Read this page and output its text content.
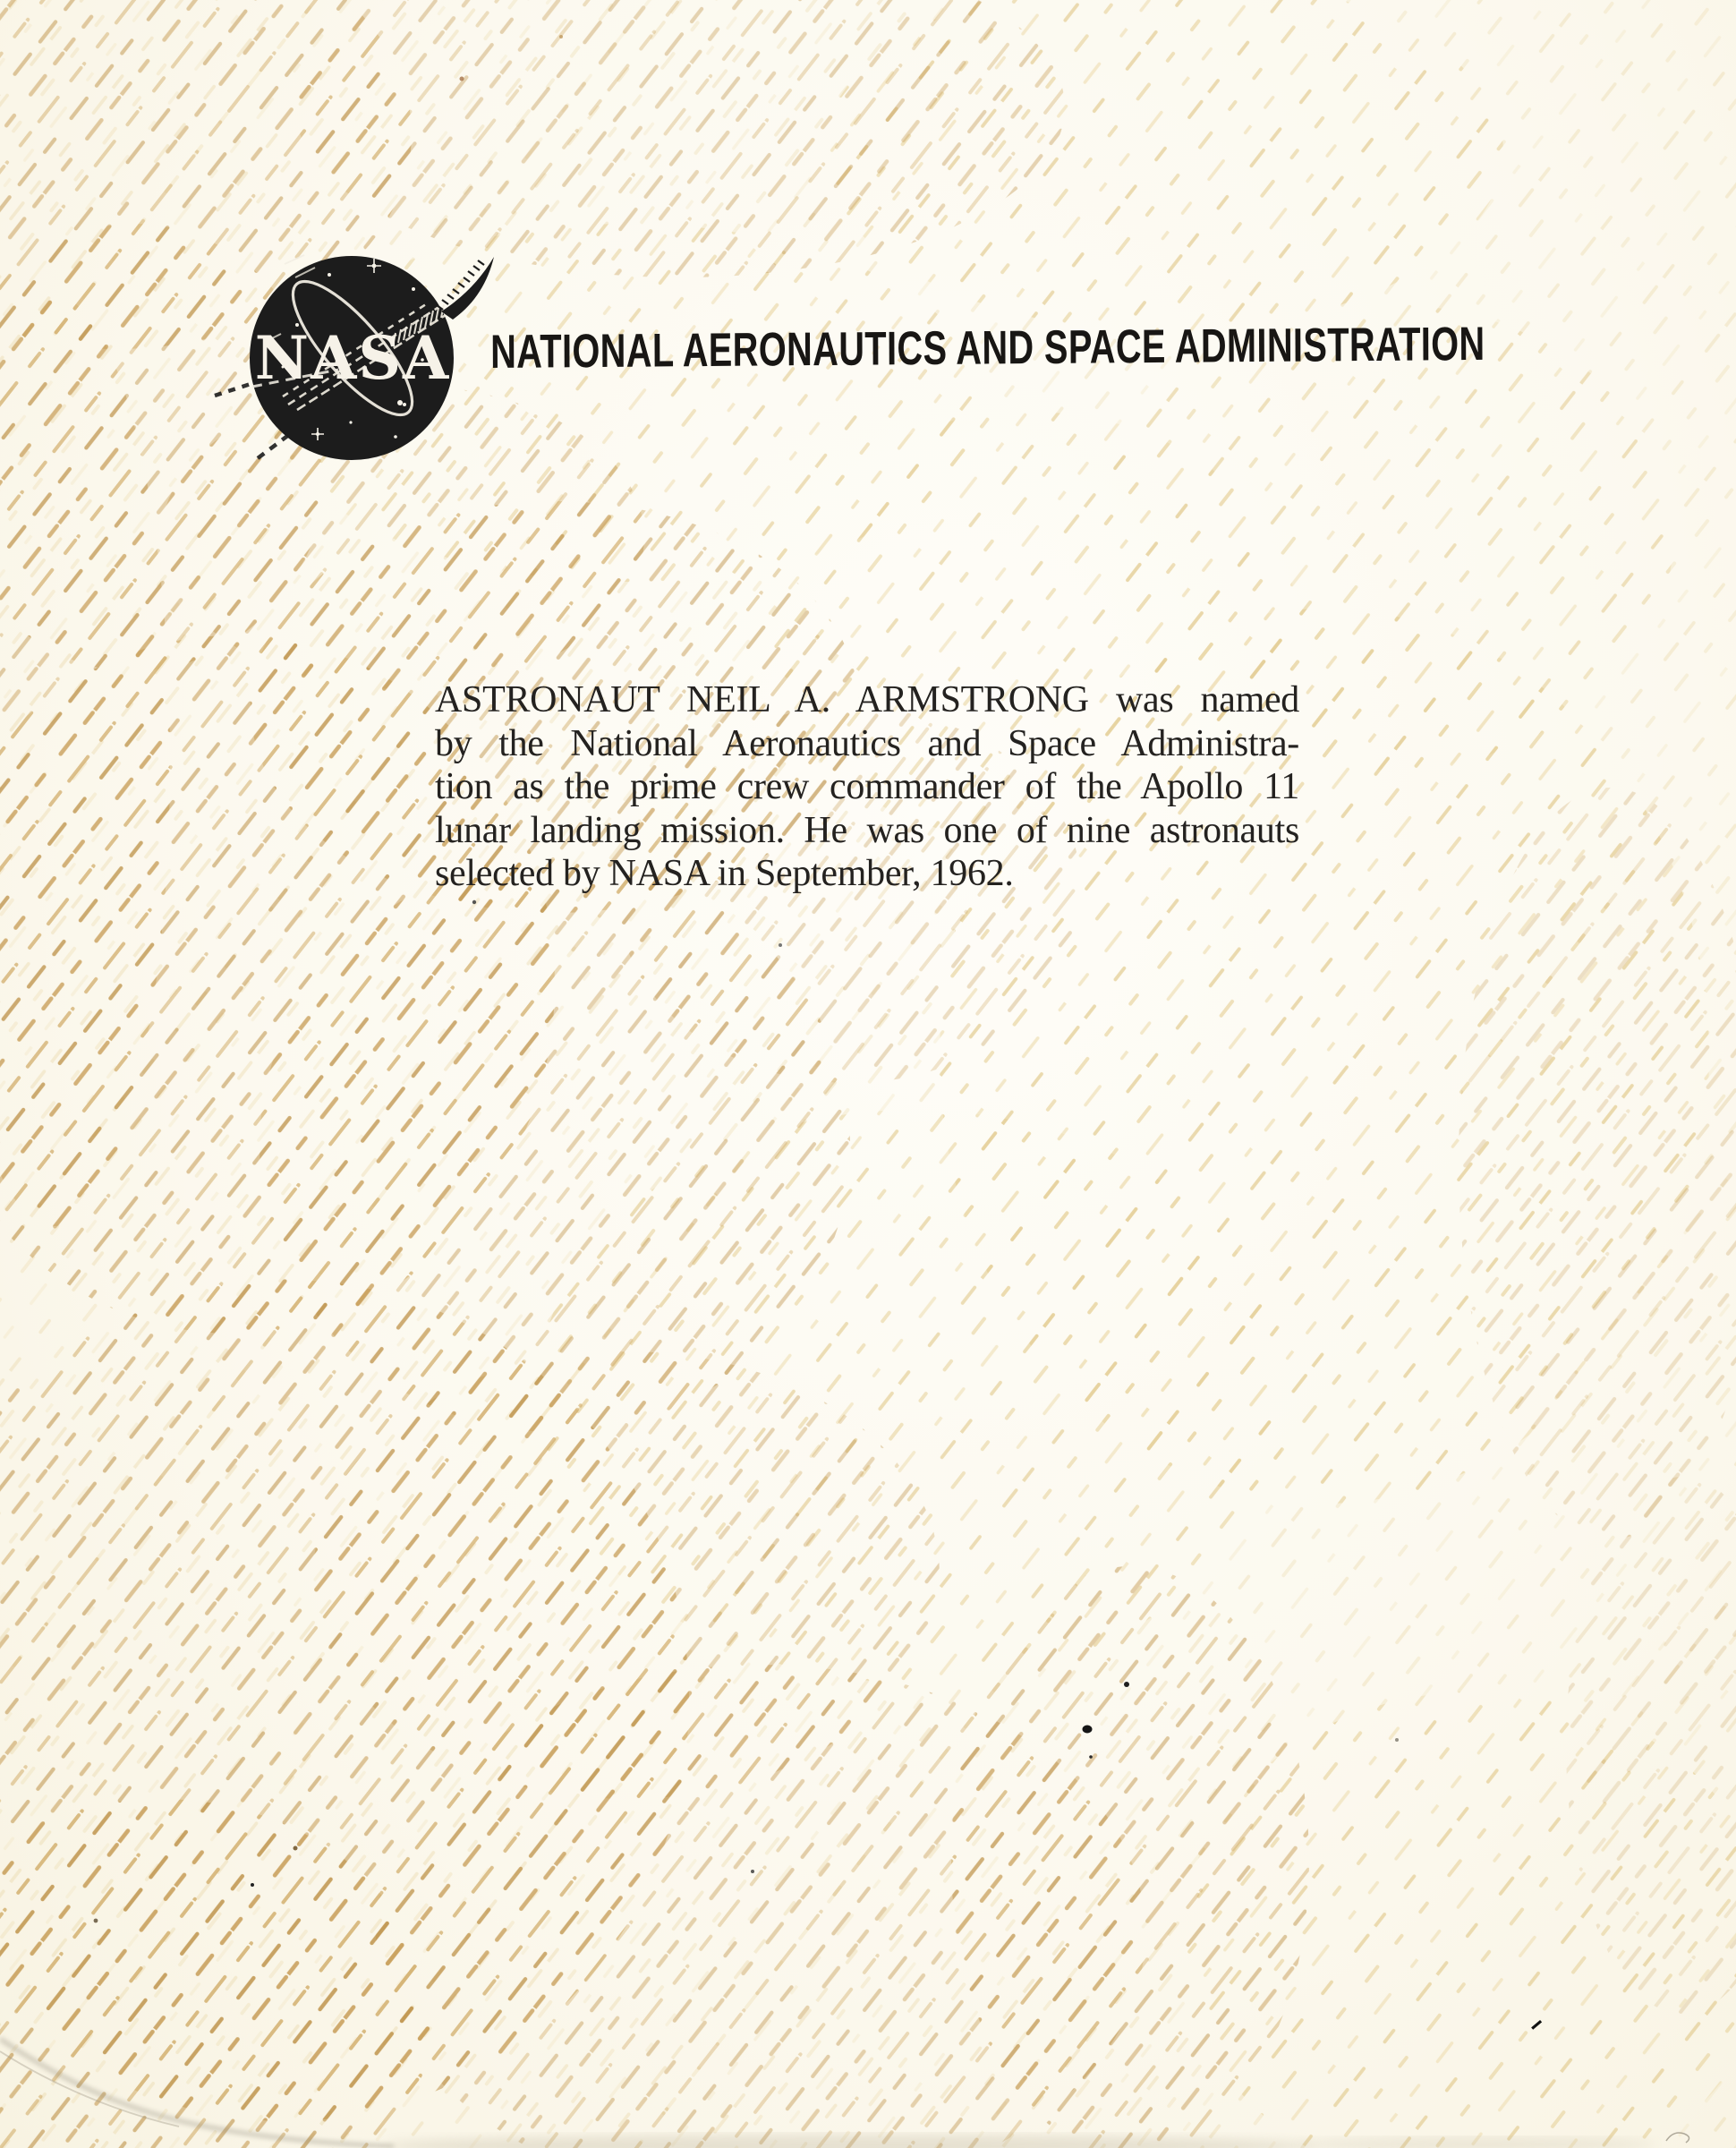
NASA NATIONAL AERONAUTICS AND SPACE ADMINISTRATION
ASTRONAUT NEIL A. ARMSTRONG was named
by the National Aeronautics and Space Administra-
tion as the prime crew commander of the Apollo 11
lunar landing mission. He was one of nine astronauts
selected by NASA in September, 1962.
